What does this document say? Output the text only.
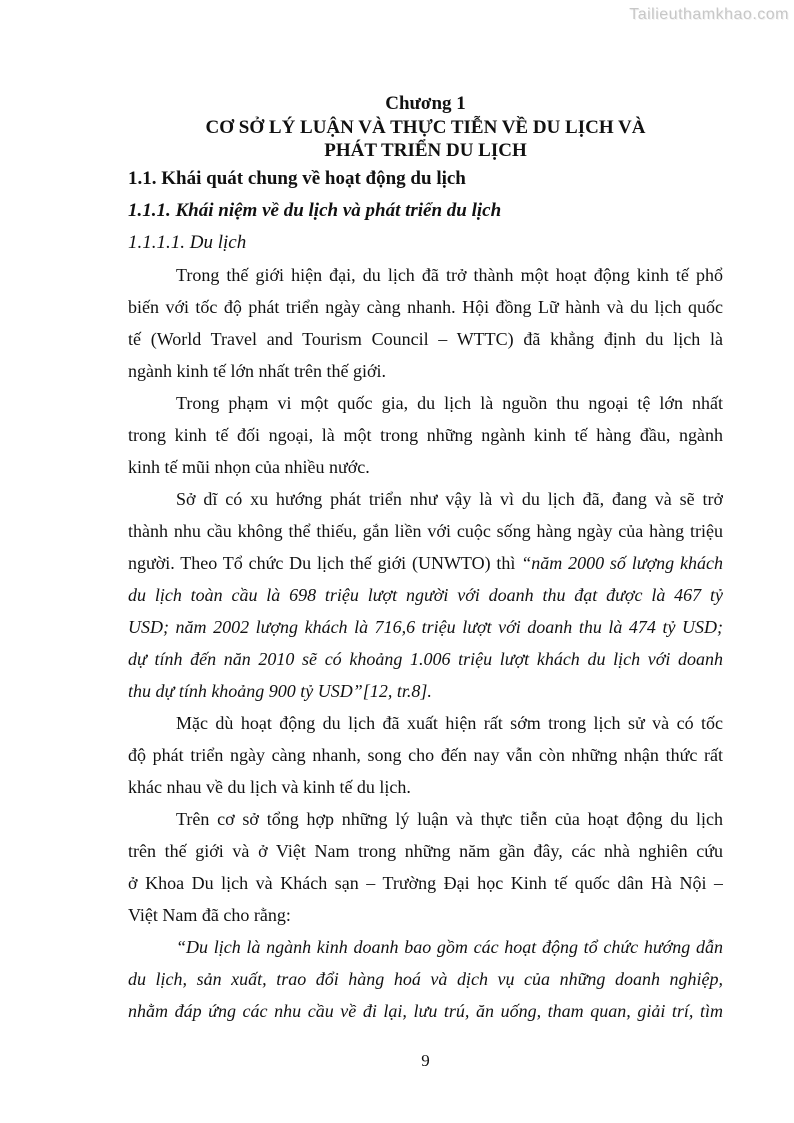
Tailieuthamkhao.com
Chương 1
CƠ SỞ LÝ LUẬN VÀ THỰC TIỄN VỀ DU LỊCH VÀ
PHÁT TRIỂN DU LỊCH
1.1. Khái quát chung về hoạt động du lịch
1.1.1. Khái niệm về du lịch và phát triển du lịch
1.1.1.1. Du lịch
Trong thế giới hiện đại, du lịch đã trở thành một hoạt động kinh tế phổ
biến với tốc độ phát triển ngày càng nhanh. Hội đồng Lữ hành và du lịch quốc
tế (World Travel and Tourism Council – WTTC) đã khẳng định du lịch là
ngành kinh tế lớn nhất trên thế giới.
Trong phạm vi một quốc gia, du lịch là nguồn thu ngoại tệ lớn nhất
trong kinh tế đối ngoại, là một trong những ngành kinh tế hàng đầu, ngành
kinh tế mũi nhọn của nhiều nước.
Sở dĩ có xu hướng phát triển như vậy là vì du lịch đã, đang và sẽ trở
thành nhu cầu không thể thiếu, gắn liền với cuộc sống hàng ngày của hàng triệu
người. Theo Tổ chức Du lịch thế giới (UNWTO) thì “năm 2000 số lượng khách
du lịch toàn cầu là 698 triệu lượt người với doanh thu đạt được là 467 tỷ
USD; năm 2002 lượng khách là 716,6 triệu lượt với doanh thu là 474 tỷ USD;
dự tính đến năn 2010 sẽ có khoảng 1.006 triệu lượt khách du lịch với doanh
thu dự tính khoảng 900 tỷ USD”[12, tr.8].
Mặc dù hoạt động du lịch đã xuất hiện rất sớm trong lịch sử và có tốc
độ phát triển ngày càng nhanh, song cho đến nay vẫn còn những nhận thức rất
khác nhau về du lịch và kinh tế du lịch.
Trên cơ sở tổng hợp những lý luận và thực tiễn của hoạt động du lịch
trên thế giới và ở Việt Nam trong những năm gần đây, các nhà nghiên cứu
ở Khoa Du lịch và Khách sạn – Trường Đại học Kinh tế quốc dân Hà Nội –
Việt Nam đã cho rằng:
“Du lịch là ngành kinh doanh bao gồm các hoạt động tổ chức hướng dẫn
du lịch, sản xuất, trao đổi hàng hoá và dịch vụ của những doanh nghiệp,
nhằm đáp ứng các nhu cầu về đi lại, lưu trú, ăn uống, tham quan, giải trí, tìm
9
